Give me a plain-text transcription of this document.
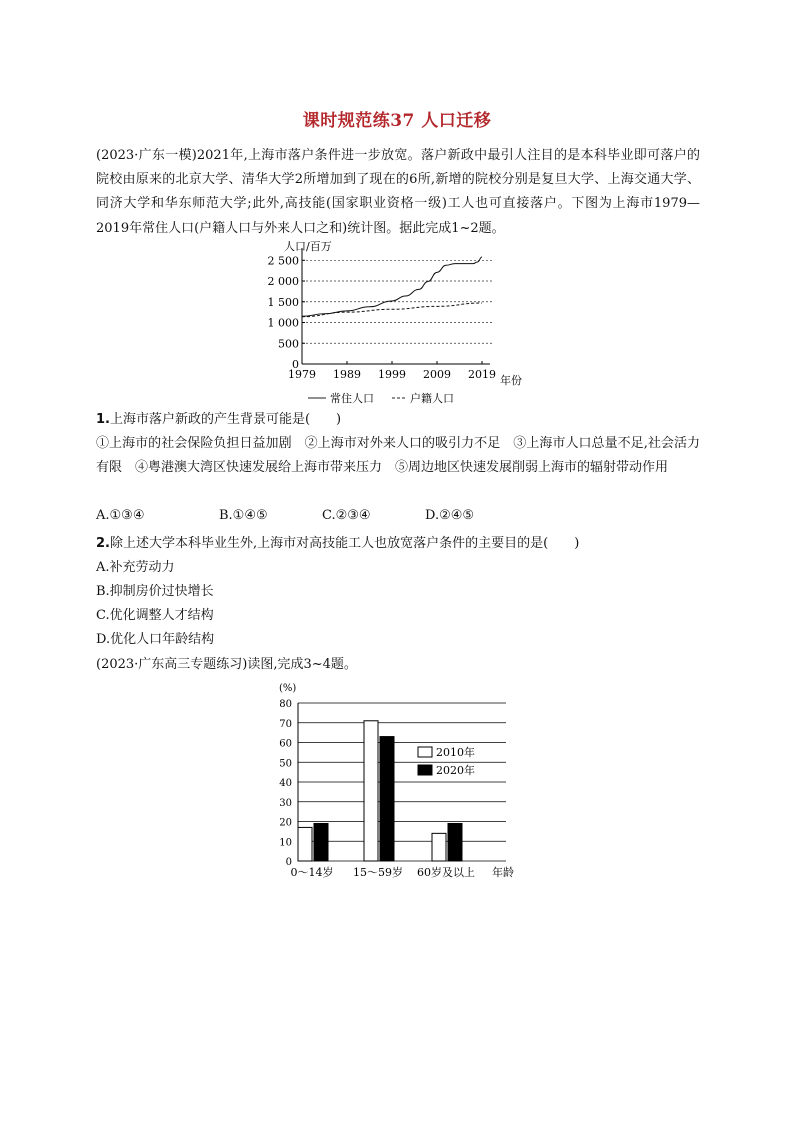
课时规范练37 人口迁移
(2023·广东一模)2021年,上海市落户条件进一步放宽。落户新政中最引人注目的是本科毕业即可落户的院校由原来的北京大学、清华大学2所增加到了现在的6所,新增的院校分别是复旦大学、上海交通大学、同济大学和华东师范大学;此外,高技能(国家职业资格一级)工人也可直接落户。下图为上海市1979—2019年常住人口(户籍人口与外来人口之和)统计图。据此完成1~2题。
0
500
1 000
1 500
2 000
2 500
1979 1989 1999 2009 2019
人口/百万
年份
常住人口	户籍人口
1.上海市落户新政的产生背景可能是(　　)
①上海市的社会保险负担日益加剧　②上海市对外来人口的吸引力不足　③上海市人口总量不足,社会活力有限　④粤港澳大湾区快速发展给上海市带来压力　⑤周边地区快速发展削弱上海市的辐射带动作用
A.①③④	B.①④⑤	C.②③④	D.②④⑤
2.除上述大学本科毕业生外,上海市对高技能工人也放宽落户条件的主要目的是(　　)
A.补充劳动力
B.抑制房价过快增长
C.优化调整人才结构
D.优化人口年龄结构
(2023·广东高三专题练习)读图,完成3~4题。
0
10
20
30
40
50
60
70
80
0～14岁 15～59岁 60岁及以上
(%)
年龄
2010年
2020年
